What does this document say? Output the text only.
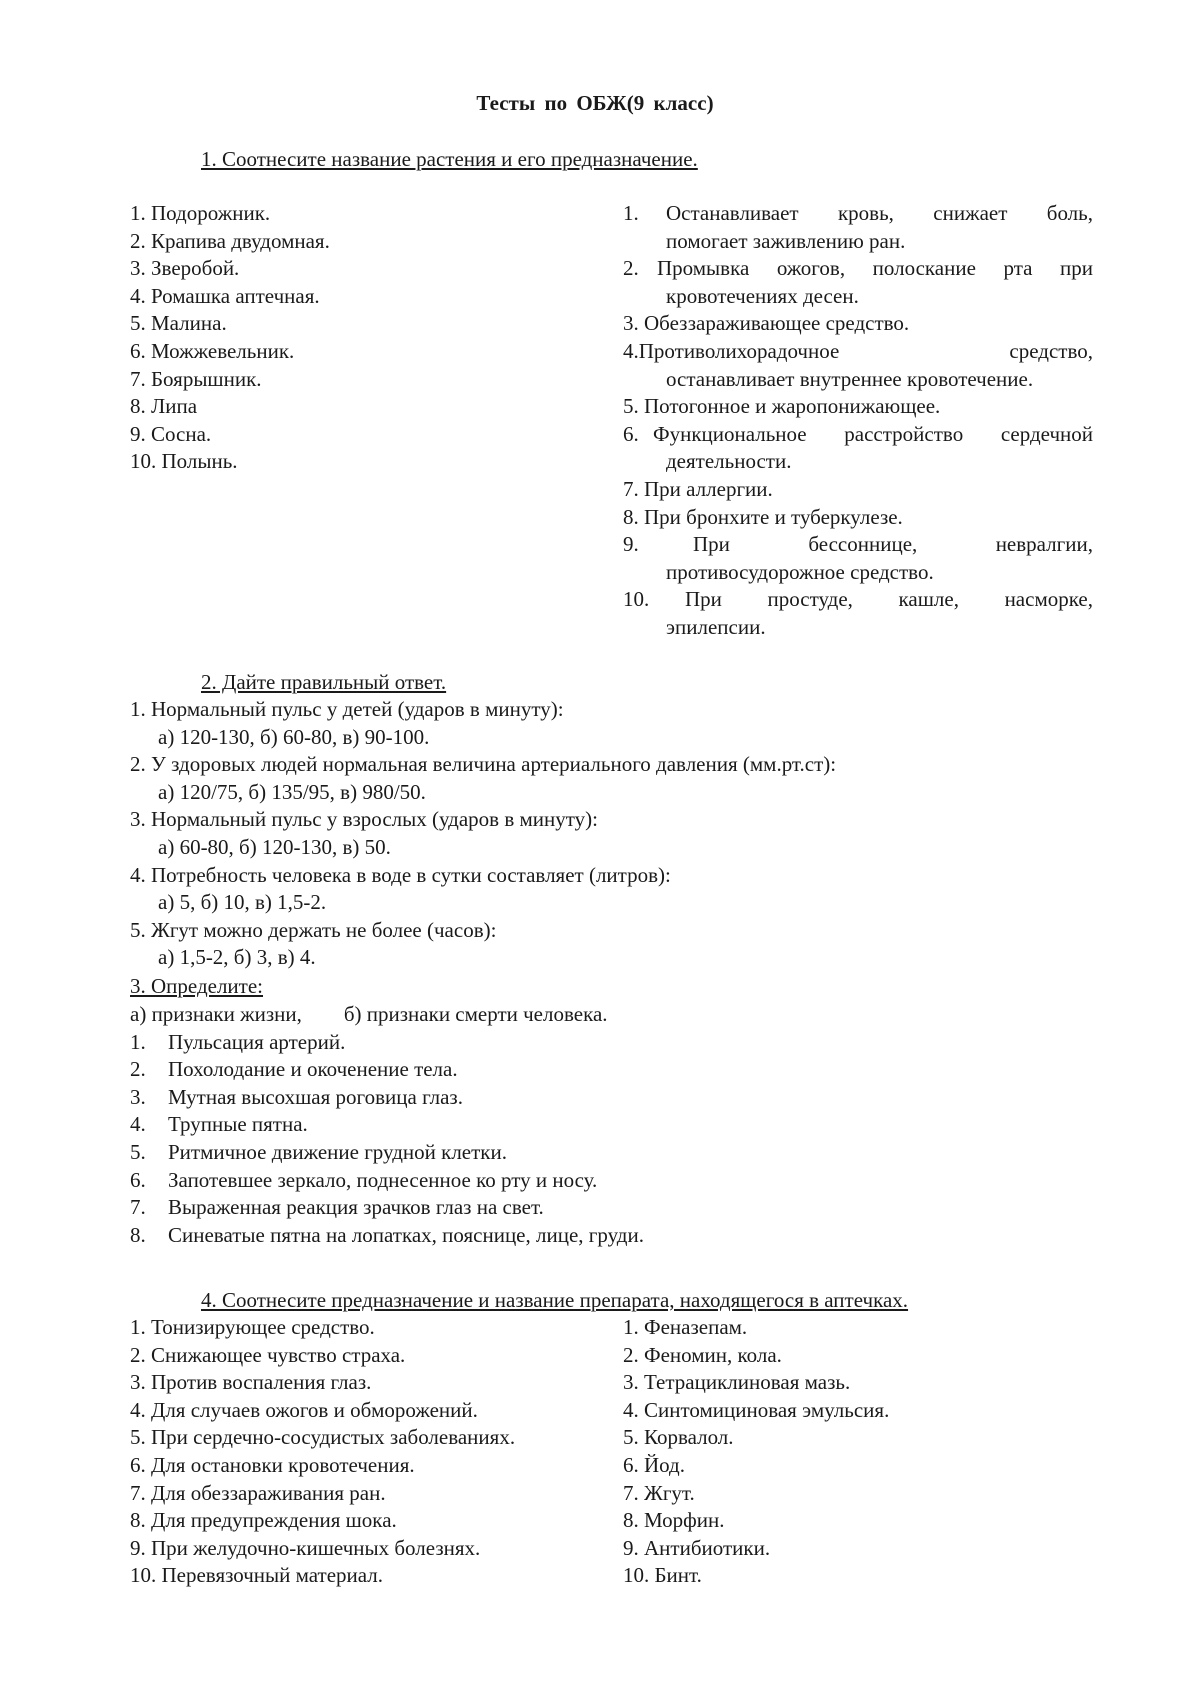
Тесты по ОБЖ(9 класс)
1. Соотнесите название растения и его предназначение.
1. Подорожник.
2. Крапива двудомная.
3. Зверобой.
4. Ромашка аптечная.
5. Малина.
6. Можжевельник.
7. Боярышник.
8. Липа
9. Сосна.
10. Полынь.
1.	Останавливает кровь, снижает боль,
помогает заживлению ран.
2. Промывка ожогов, полоскание рта при
кровотечениях десен.
3. Обеззараживающее средство.
4. Противолихорадочное средство,
останавливает внутреннее кровотечение.
5. Потогонное и жаропонижающее.
6. Функциональное расстройство сердечной
деятельности.
7. При аллергии.
8. При бронхите и туберкулезе.
9.	При бессоннице, невралгии,
противосудорожное средство.
10.	При простуде, кашле, насморке,
эпилепсии.
2. Дайте правильный ответ.
1. Нормальный пульс у детей (ударов в минуту):
а) 120-130, б) 60-80, в) 90-100.
2. У здоровых людей нормальная величина артериального давления (мм.рт.ст):
а) 120/75, б) 135/95, в) 980/50.
3. Нормальный пульс у взрослых (ударов в минуту):
а) 60-80, б) 120-130, в) 50.
4. Потребность человека в воде в сутки составляет (литров):
а) 5, б) 10, в) 1,5-2.
5. Жгут можно держать не более (часов):
а) 1,5-2, б) 3, в) 4.
3. Определите:
а) признаки жизни,        б) признаки смерти человека.
1.	Пульсация артерий.
2.	Похолодание и окоченение тела.
3.	Мутная высохшая роговица глаз.
4.	Трупные пятна.
5.	Ритмичное движение грудной клетки.
6.	Запотевшее зеркало, поднесенное ко рту и носу.
7.	Выраженная реакция зрачков глаз на свет.
8.	Синеватые пятна на лопатках, пояснице, лице, груди.
4. Соотнесите предназначение и название препарата, находящегося в аптечках.
1. Тонизирующее средство.
2. Снижающее чувство страха.
3. Против воспаления глаз.
4. Для случаев ожогов и обморожений.
5. При сердечно-сосудистых заболеваниях.
6. Для остановки кровотечения.
7. Для обеззараживания ран.
8. Для предупреждения шока.
9. При желудочно-кишечных болезнях.
10. Перевязочный материал.
1. Феназепам.
2. Феномин, кола.
3. Тетрациклиновая мазь.
4. Синтомициновая эмульсия.
5. Корвалол.
6. Йод.
7. Жгут.
8. Морфин.
9. Антибиотики.
10. Бинт.
